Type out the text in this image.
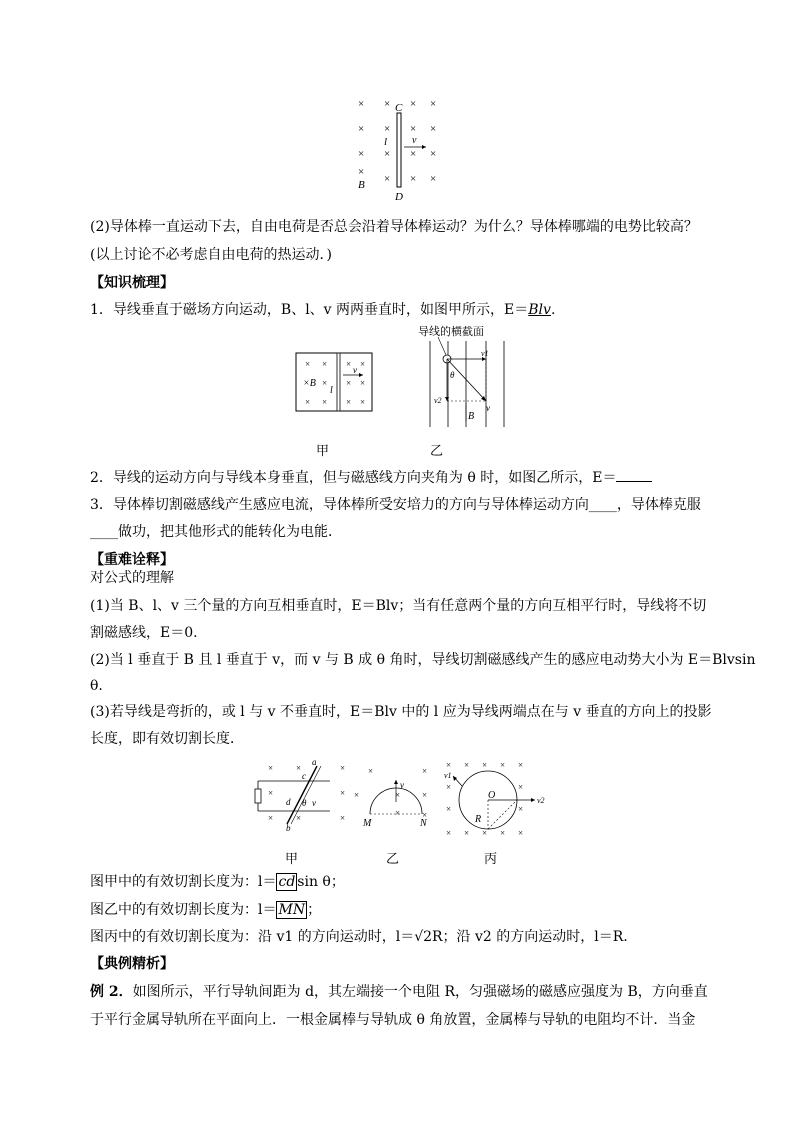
× × × ×
× × × ×
× × × ×
× × ×
×
C
l v
B
D
(2)导体棒一直运动下去，自由电荷是否总会沿着导体棒运动？为什么？导体棒哪端的电势比较高？
(以上讨论不必考虑自由电荷的热运动．)
【知识梳理】
1．导线垂直于磁场方向运动，B、l、v 两两垂直时，如图甲所示，E＝Blv.
× × × ×
× × ×
× × × ×
×B
l
v
导线的横截面
θ
v1
v2
v
B
甲	乙
2．导线的运动方向与导线本身垂直，但与磁感线方向夹角为 θ 时，如图乙所示，E＝
3．导体棒切割磁感线产生感应电流，导体棒所受安培力的方向与导体棒运动方向____，导体棒克服
____做功，把其他形式的能转化为电能．
【重难诠释】
对公式的理解
(1)当 B、l、v 三个量的方向互相垂直时，E＝Blv；当有任意两个量的方向互相平行时，导线将不切
割磁感线，E＝0.
(2)当 l 垂直于 B 且 l 垂直于 v，而 v 与 B 成 θ 角时，导线切割磁感线产生的感应电动势大小为 E＝Blvsin
θ.
(3)若导线是弯折的，或 l 与 v 不垂直时，E＝Blv 中的 l 应为导线两端点在与 v 垂直的方向上的投影
长度，即有效切割长度．
×	×	×
×	×
×	×	×
a
c
d
b
θ v
×	×
×	× ×
× ×
v
M	N
× × × × ×
×	×
×	×
× × × × ×
O
R
v1
v2
甲	乙	丙
图甲中的有效切割长度为：l＝ cd sin θ；
图乙中的有效切割长度为：l＝ MN ；
图丙中的有效切割长度为：沿 v1 的方向运动时，l＝√2R；沿 v2 的方向运动时，l＝R.
【典例精析】
例 2．如图所示，平行导轨间距为 d，其左端接一个电阻 R，匀强磁场的磁感应强度为 B，方向垂直
于平行金属导轨所在平面向上．一根金属棒与导轨成 θ 角放置，金属棒与导轨的电阻均不计．当金
